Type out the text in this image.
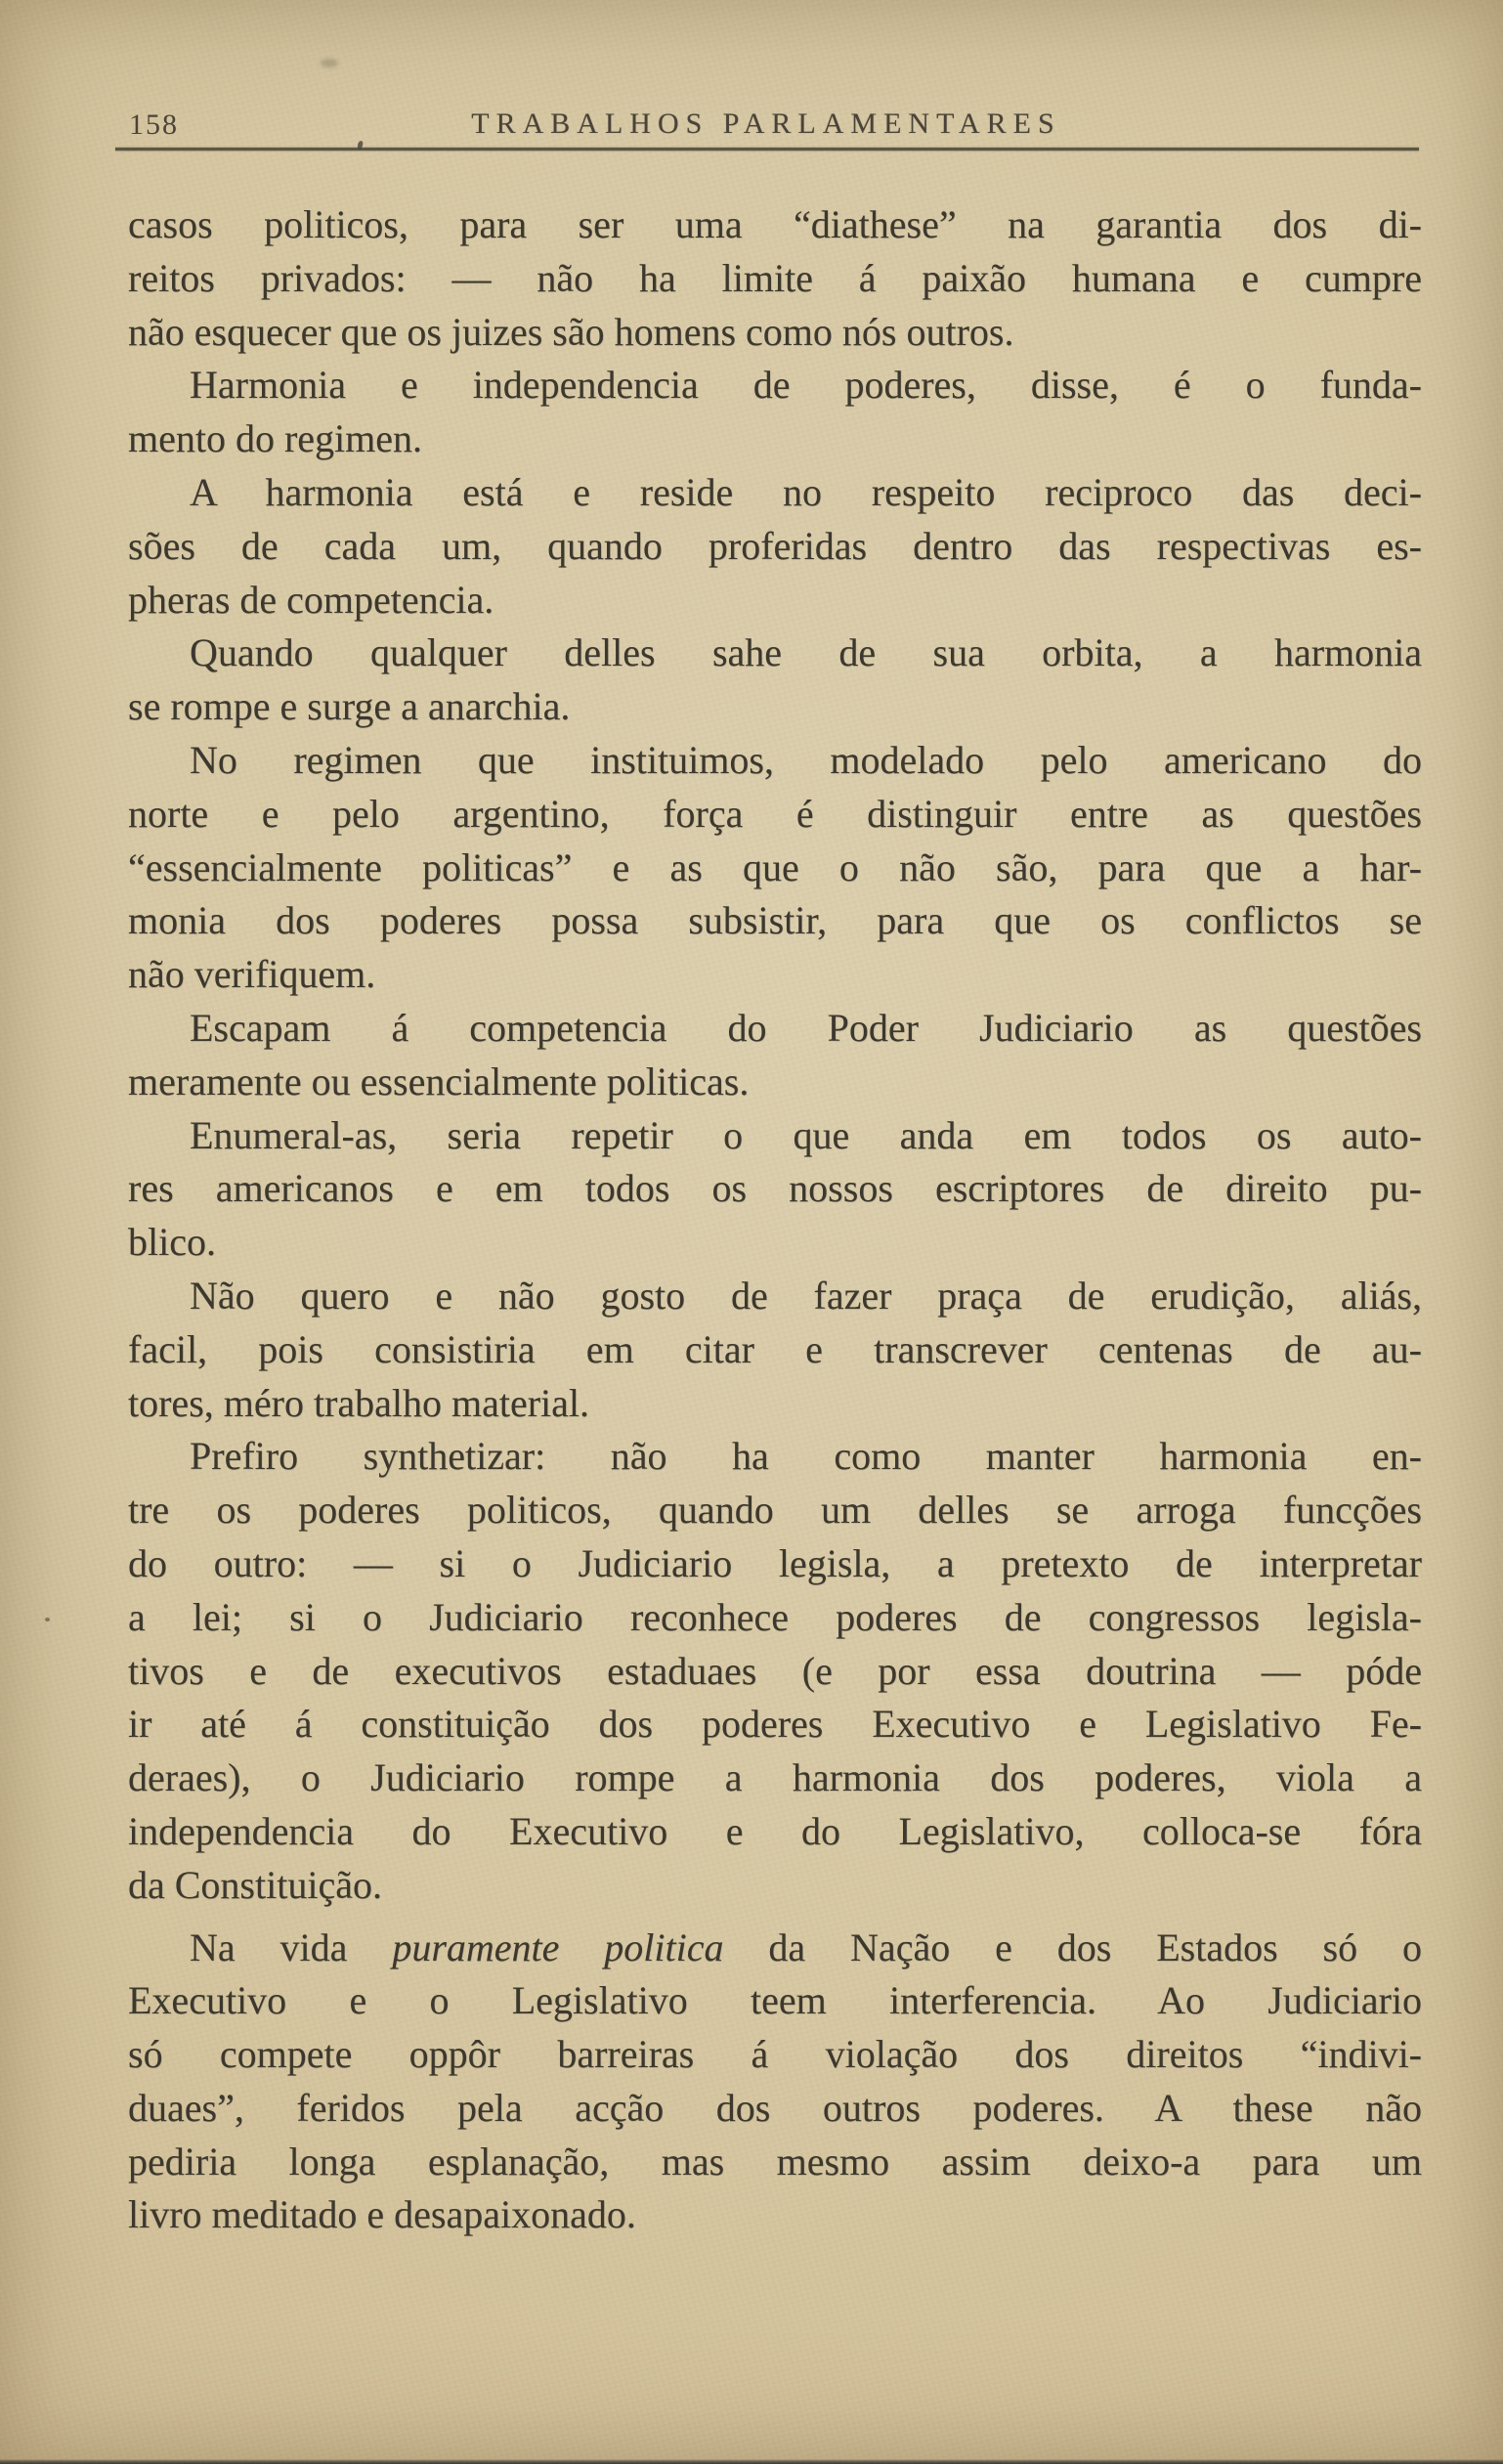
158	TRABALHOS PARLAMENTARES
casos politicos, para ser uma “diathese” na garantia dos di-
reitos privados: — não ha limite á paixão humana e cumpre
não esquecer que os juizes são homens como nós outros.
Harmonia e independencia de poderes, disse, é o funda-
mento do regimen.
A harmonia está e reside no respeito reciproco das deci-
sões de cada um, quando proferidas dentro das respectivas es-
pheras de competencia.
Quando qualquer delles sahe de sua orbita, a harmonia
se rompe e surge a anarchia.
No regimen que instituimos, modelado pelo americano do
norte e pelo argentino, força é distinguir entre as questões
“essencialmente politicas” e as que o não são, para que a har-
monia dos poderes possa subsistir, para que os conflictos se
não verifiquem.
Escapam á competencia do Poder Judiciario as questões
meramente ou essencialmente politicas.
Enumeral-as, seria repetir o que anda em todos os auto-
res americanos e em todos os nossos escriptores de direito pu-
blico.
Não quero e não gosto de fazer praça de erudição, aliás,
facil, pois consistiria em citar e transcrever centenas de au-
tores, méro trabalho material.
Prefiro synthetizar: não ha como manter harmonia en-
tre os poderes politicos, quando um delles se arroga funcções
do outro: — si o Judiciario legisla, a pretexto de interpretar
a lei; si o Judiciario reconhece poderes de congressos legisla-
tivos e de executivos estaduaes (e por essa doutrina — póde
ir até á constituição dos poderes Executivo e Legislativo Fe-
deraes), o Judiciario rompe a harmonia dos poderes, viola a
independencia do Executivo e do Legislativo, colloca-se fóra
da Constituição.
Na vida puramente politica da Nação e dos Estados só o
Executivo e o Legislativo teem interferencia. Ao Judiciario
só compete oppôr barreiras á violação dos direitos “indivi-
duaes”, feridos pela acção dos outros poderes. A these não
pediria longa esplanação, mas mesmo assim deixo-a para um
livro meditado e desapaixonado.
